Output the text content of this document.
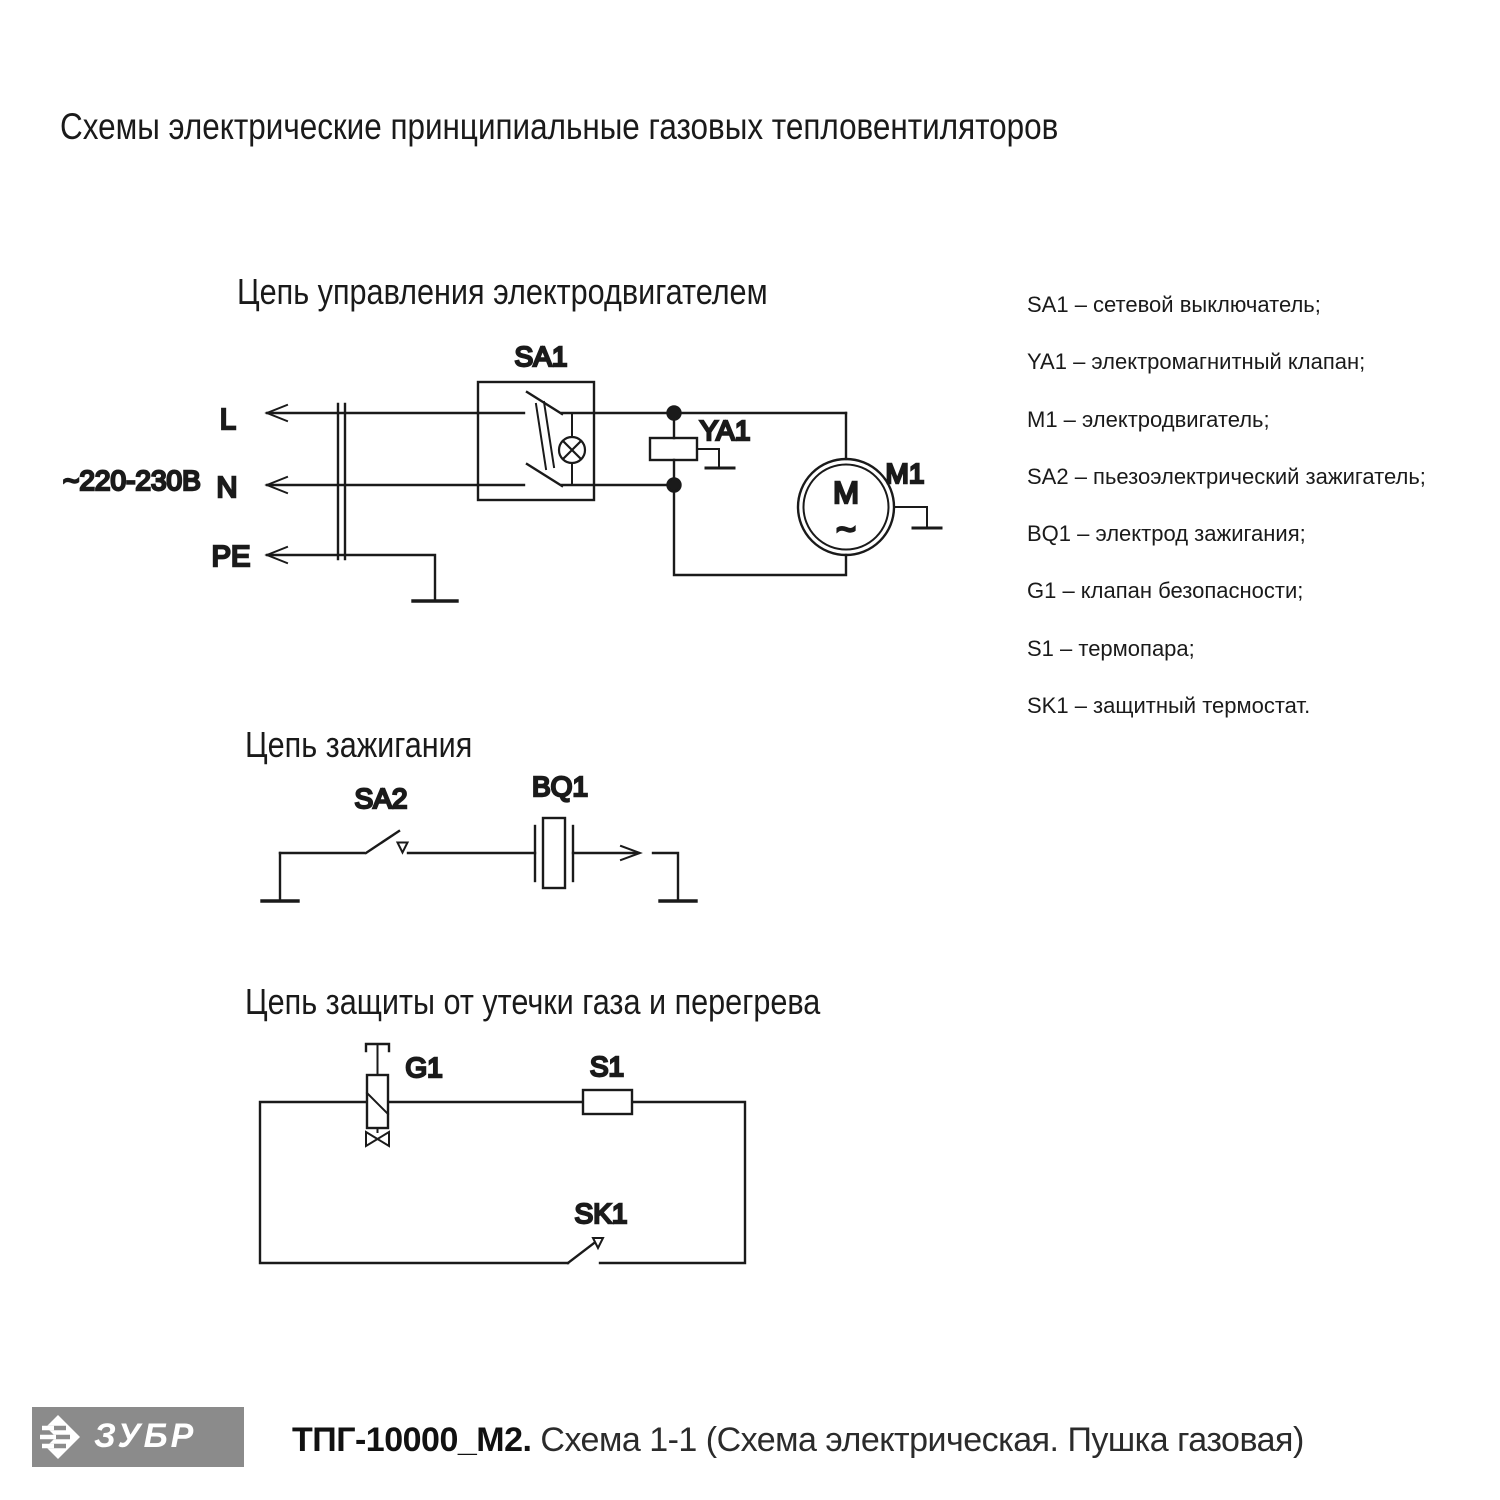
Схемы электрические принципиальные газовых тепловентиляторов
Цепь управления электродвигателем
Цепь зажигания
Цепь защиты от утечки газа и перегрева
SA1 – сетевой выключатель;
YA1 – электромагнитный клапан;
M1 – электродвигатель;
SA2 – пьезоэлектрический зажигатель;
BQ1 – электрод зажигания;
G1 – клапан безопасности;
S1 – термопара;
SK1 – защитный термостат.
~220-230В
L
N
PE
SA1
YA1
M
~
M1
SA2	BQ1
G1	S1
SK1
ЗУБР	ТПГ-10000_М2. Схема 1-1 (Схема электрическая. Пушка газовая)
